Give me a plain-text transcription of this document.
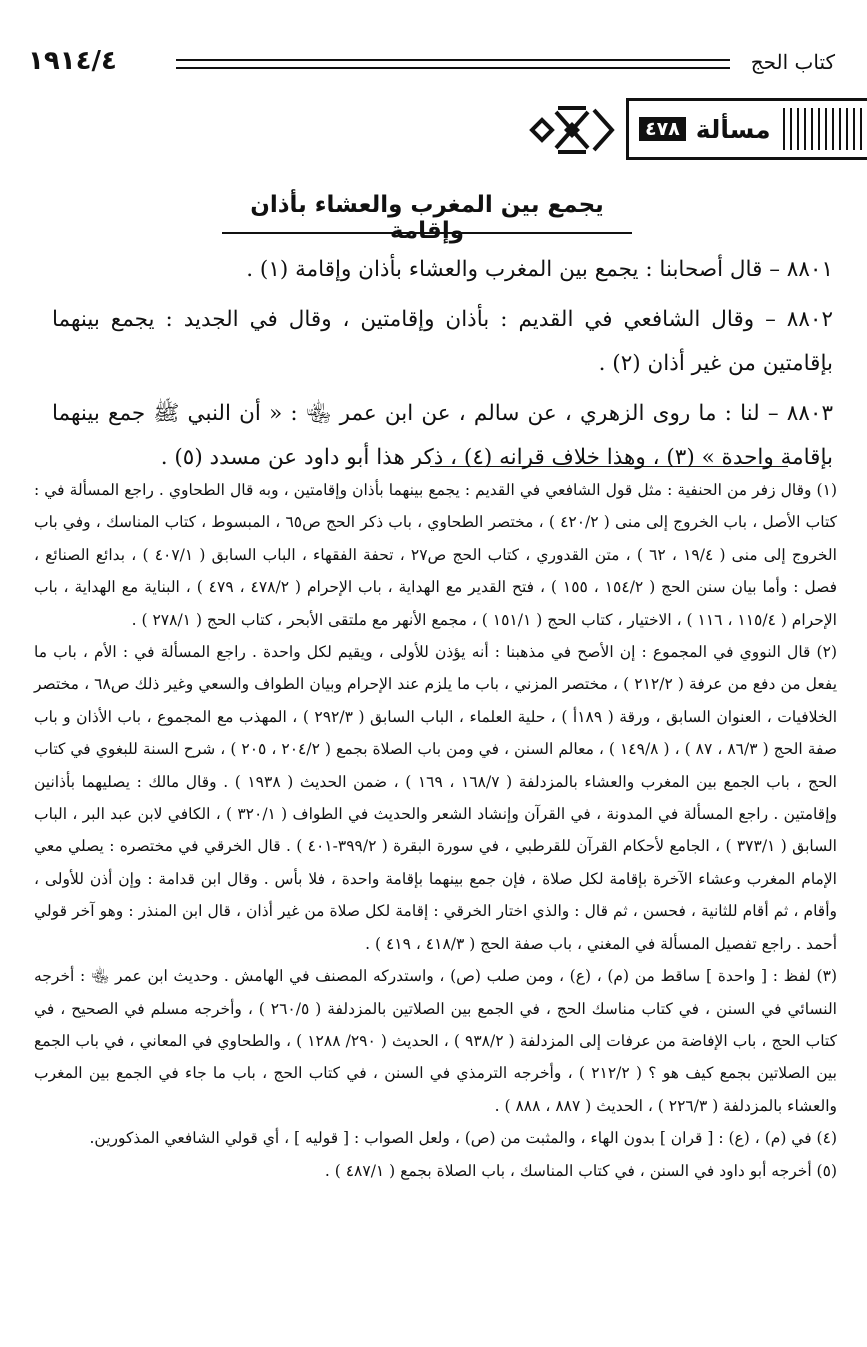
١٩١٤/٤	كتاب الحج
٤٧٨ مسألة
يجمع بين المغرب والعشاء بأذان وإقامة

٨٨٠١ – قال أصحابنا : يجمع بين المغرب والعشاء بأذان وإقامة (١) .

٨٨٠٢ – وقال الشافعي في القديم : بأذان وإقامتين ، وقال في الجديد : يجمع بينهما بإقامتين من غير أذان (٢) .

٨٨٠٣ – لنا : ما روى الزهري ، عن سالم ، عن ابن عمر ﵄ : « أن النبي ﷺ جمع بينهما بإقامة واحدة » (٣) ، وهذا خلاف قرانه (٤) ، ذكر هذا أبو داود عن مسدد (٥) .

(١) وقال زفر من الحنفية : مثل قول الشافعي في القديم : يجمع بينهما بأذان وإقامتين ، وبه قال الطحاوي . راجع المسألة في : كتاب الأصل ، باب الخروج إلى منى ( ٤٢٠/٢ ) ، مختصر الطحاوي ، باب ذكر الحج ص٦٥ ، المبسوط ، كتاب المناسك ، وفي باب الخروج إلى منى ( ١٩/٤ ، ٦٢ ) ، متن القدوري ، كتاب الحج ص٢٧ ، تحفة الفقهاء ، الباب السابق ( ٤٠٧/١ ) ، بدائع الصنائع ، فصل : وأما بيان سنن الحج ( ١٥٤/٢ ، ١٥٥ ) ، فتح القدير مع الهداية ، باب الإحرام ( ٤٧٨/٢ ، ٤٧٩ ) ، البناية مع الهداية ، باب الإحرام ( ١١٥/٤ ، ١١٦ ) ، الاختيار ، كتاب الحج ( ١٥١/١ ) ، مجمع الأنهر مع ملتقى الأبحر ، كتاب الحج ( ٢٧٨/١ ) .

(٢) قال النووي في المجموع : إن الأصح في مذهبنا : أنه يؤذن للأولى ، ويقيم لكل واحدة . راجع المسألة في : الأم ، باب ما يفعل من دفع من عرفة ( ٢١٢/٢ ) ، مختصر المزني ، باب ما يلزم عند الإحرام وبيان الطواف والسعي وغير ذلك ص٦٨ ، مختصر الخلافيات ، العنوان السابق ، ورقة ( ١٨٩أ ) ، حلية العلماء ، الباب السابق ( ٢٩٢/٣ ) ، المهذب مع المجموع ، باب الأذان و باب صفة الحج ( ٨٦/٣ ، ٨٧ ) ، ( ١٤٩/٨ ) ، معالم السنن ، في ومن باب الصلاة بجمع ( ٢٠٤/٢ ، ٢٠٥ ) ، شرح السنة للبغوي في كتاب الحج ، باب الجمع بين المغرب والعشاء بالمزدلفة ( ١٦٨/٧ ، ١٦٩ ) ، ضمن الحديث ( ١٩٣٨ ) . وقال مالك : يصليهما بأذانين وإقامتين . راجع المسألة في المدونة ، في القرآن وإنشاد الشعر والحديث في الطواف ( ٣٢٠/١ ) ، الكافي لابن عبد البر ، الباب السابق ( ٣٧٣/١ ) ، الجامع لأحكام القرآن للقرطبي ، في سورة البقرة ( ٣٩٩/٢-٤٠١ ) . قال الخرقي في مختصره : يصلي معي الإمام المغرب وعشاء الآخرة بإقامة لكل صلاة ، فإن جمع بينهما بإقامة واحدة ، فلا بأس . وقال ابن قدامة : وإن أذن للأولى ، وأقام ، ثم أقام للثانية ، فحسن ، ثم قال : والذي اختار الخرقي : إقامة لكل صلاة من غير أذان ، قال ابن المنذر : وهو آخر قولي أحمد . راجع تفصيل المسألة في المغني ، باب صفة الحج ( ٤١٨/٣ ، ٤١٩ ) .

(٣) لفظ : [ واحدة ] ساقط من (م) ، (ع) ، ومن صلب (ص) ، واستدركه المصنف في الهامش . وحديث ابن عمر ﵄ : أخرجه النسائي في السنن ، في كتاب مناسك الحج ، في الجمع بين الصلاتين بالمزدلفة ( ٢٦٠/٥ ) ، وأخرجه مسلم في الصحيح ، في كتاب الحج ، باب الإفاضة من عرفات إلى المزدلفة ( ٩٣٨/٢ ) ، الحديث ( ٢٩٠/ ١٢٨٨ ) ، والطحاوي في المعاني ، في باب الجمع بين الصلاتين بجمع كيف هو ؟ ( ٢١٢/٢ ) ، وأخرجه الترمذي في السنن ، في كتاب الحج ، باب ما جاء في الجمع بين المغرب والعشاء بالمزدلفة ( ٢٢٦/٣ ) ، الحديث ( ٨٨٧ ، ٨٨٨ ) .

(٤) في (م) ، (ع) : [ قران ] بدون الهاء ، والمثبت من (ص) ، ولعل الصواب : [ قوليه ] ، أي قولي الشافعي المذكورين.

(٥) أخرجه أبو داود في السنن ، في كتاب المناسك ، باب الصلاة بجمع ( ٤٨٧/١ ) .
